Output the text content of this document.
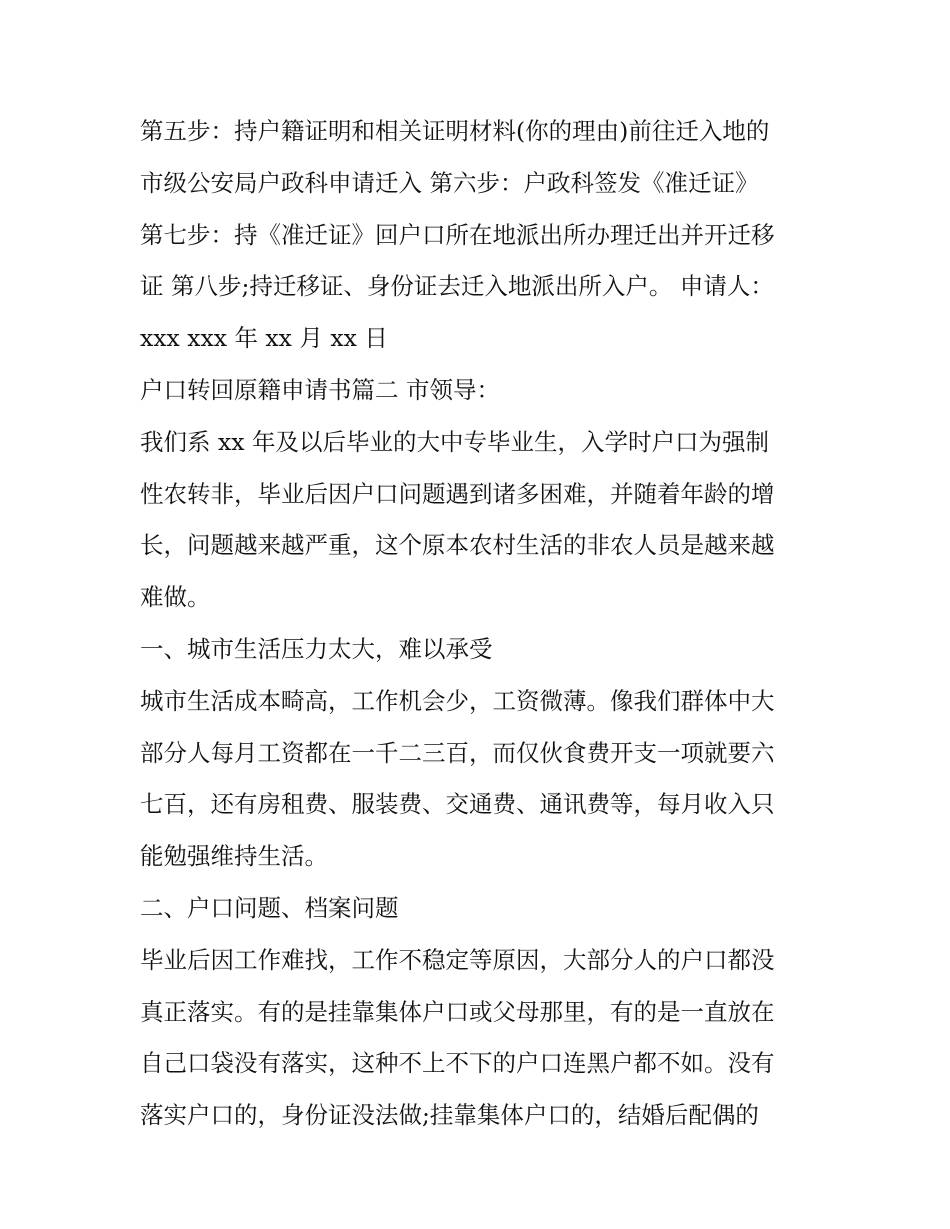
第五步：持户籍证明和相关证明材料(你的理由)前往迁入地的
市级公安局户政科申请迁入 第六步：户政科签发《准迁证》
第七步：持《准迁证》回户口所在地派出所办理迁出并开迁移
证 第八步;持迁移证、身份证去迁入地派出所入户。 申请人：
xxx xxx 年 xx 月 xx 日
户口转回原籍申请书篇二 市领导：
我们系 xx 年及以后毕业的大中专毕业生，入学时户口为强制
性农转非，毕业后因户口问题遇到诸多困难，并随着年龄的增
长，问题越来越严重，这个原本农村生活的非农人员是越来越
难做。
一、城市生活压力太大，难以承受
城市生活成本畸高，工作机会少，工资微薄。像我们群体中大
部分人每月工资都在一千二三百，而仅伙食费开支一项就要六
七百，还有房租费、服装费、交通费、通讯费等，每月收入只
能勉强维持生活。
二、户口问题、档案问题
毕业后因工作难找，工作不稳定等原因，大部分人的户口都没
真正落实。有的是挂靠集体户口或父母那里，有的是一直放在
自己口袋没有落实，这种不上不下的户口连黑户都不如。没有
落实户口的，身份证没法做;挂靠集体户口的，结婚后配偶的
